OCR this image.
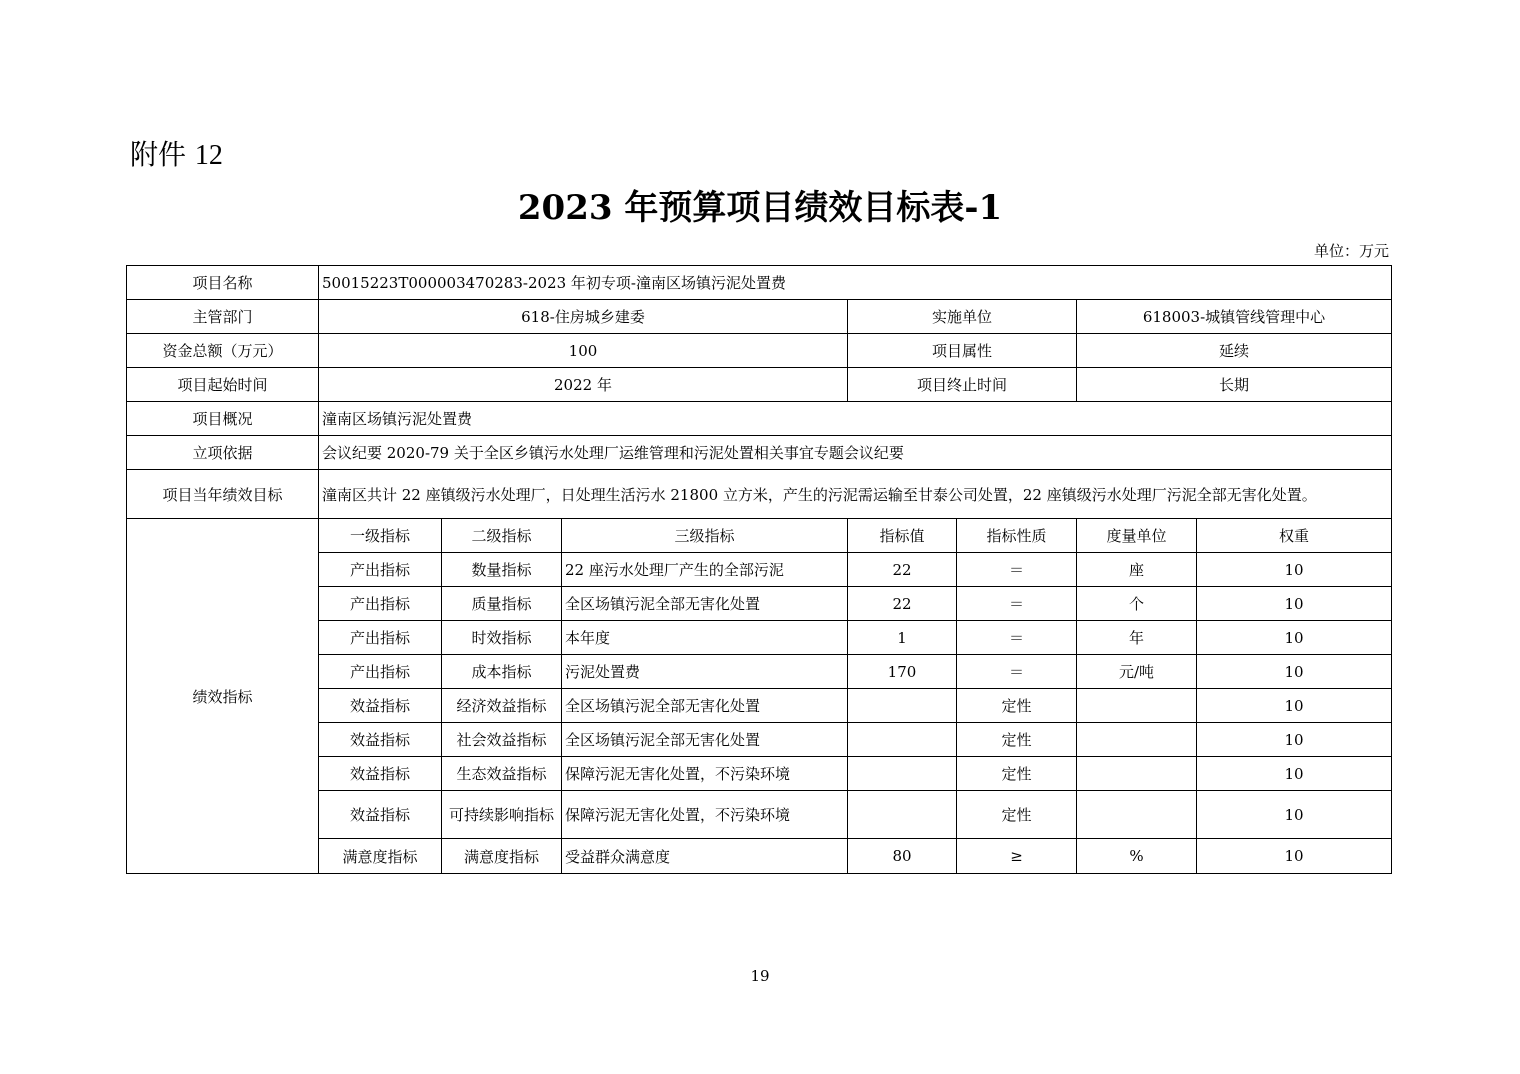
附件 12
2023 年预算项目绩效目标表-1
单位：万元
项目名称	50015223T000003470283-2023 年初专项-潼南区场镇污泥处置费						
主管部门	618-住房城乡建委			实施单位		618003-城镇管线管理中心	
资金总额（万元）	100			项目属性		延续	
项目起始时间	2022 年			项目终止时间		长期	
项目概况	潼南区场镇污泥处置费						
立项依据	会议纪要 2020-79 关于全区乡镇污水处理厂运维管理和污泥处置相关事宜专题会议纪要						
项目当年绩效目标	潼南区共计 22 座镇级污水处理厂，日处理生活污水 21800 立方米，产生的污泥需运输至甘泰公司处置，22 座镇级污水处理厂污泥全部无害化处置。						
绩效指标	一级指标	二级指标	三级指标	指标值	指标性质	度量单位	权重
	产出指标	数量指标	22 座污水处理厂产生的全部污泥	22	＝	座	10
	产出指标	质量指标	全区场镇污泥全部无害化处置	22	＝	个	10
	产出指标	时效指标	本年度	1	＝	年	10
	产出指标	成本指标	污泥处置费	170	＝	元/吨	10
	效益指标	经济效益指标	全区场镇污泥全部无害化处置		定性		10
	效益指标	社会效益指标	全区场镇污泥全部无害化处置		定性		10
	效益指标	生态效益指标	保障污泥无害化处置，不污染环境		定性		10
	效益指标	可持续影响指标	保障污泥无害化处置，不污染环境		定性		10
	满意度指标	满意度指标	受益群众满意度	80	≥	%	10
19
